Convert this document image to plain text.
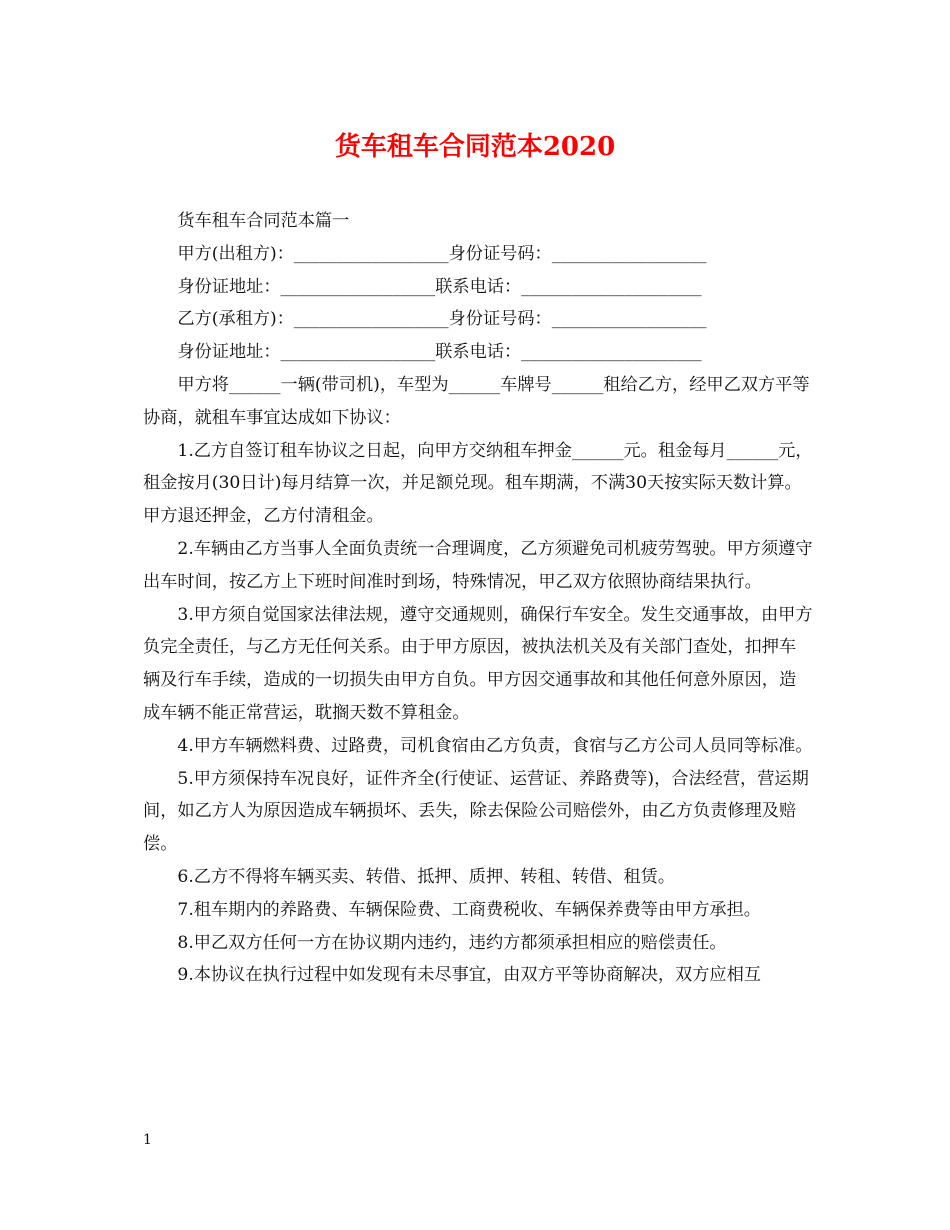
货车租车合同范本2020

货车租车合同范本篇一

甲方(出租方)：__________________身份证号码：__________________

身份证地址：__________________联系电话：_____________________

乙方(承租方)：__________________身份证号码：__________________

身份证地址：__________________联系电话：_____________________

甲方将______一辆(带司机)，车型为______车牌号______租给乙方，经甲乙双方平等协商，就租车事宜达成如下协议：

1.乙方自签订租车协议之日起，向甲方交纳租车押金______元。租金每月______元，租金按月(30日计)每月结算一次，并足额兑现。租车期满，不满30天按实际天数计算。甲方退还押金，乙方付清租金。

2.车辆由乙方当事人全面负责统一合理调度，乙方须避免司机疲劳驾驶。甲方须遵守出车时间，按乙方上下班时间准时到场，特殊情况，甲乙双方依照协商结果执行。

3.甲方须自觉国家法律法规，遵守交通规则，确保行车安全。发生交通事故，由甲方负完全责任，与乙方无任何关系。由于甲方原因，被执法机关及有关部门查处，扣押车辆及行车手续，造成的一切损失由甲方自负。甲方因交通事故和其他任何意外原因，造成车辆不能正常营运，耽搁天数不算租金。

4.甲方车辆燃料费、过路费，司机食宿由乙方负责，食宿与乙方公司人员同等标准。

5.甲方须保持车况良好，证件齐全(行使证、运营证、养路费等)，合法经营，营运期间，如乙方人为原因造成车辆损坏、丢失，除去保险公司赔偿外，由乙方负责修理及赔偿。

6.乙方不得将车辆买卖、转借、抵押、质押、转租、转借、租赁。

7.租车期内的养路费、车辆保险费、工商费税收、车辆保养费等由甲方承担。

8.甲乙双方任何一方在协议期内违约，违约方都须承担相应的赔偿责任。

9.本协议在执行过程中如发现有未尽事宜，由双方平等协商解决，双方应相互

1
